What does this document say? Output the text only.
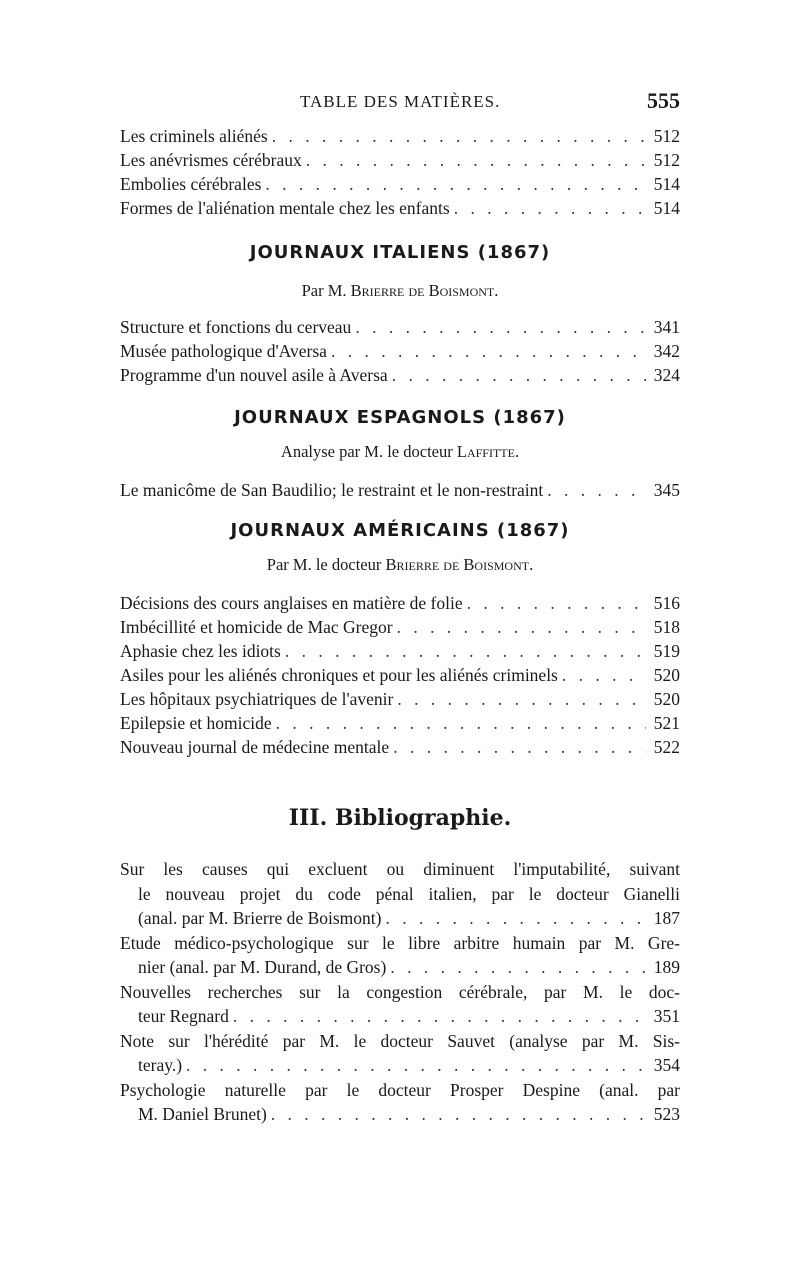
TABLE DES MATIÈRES.	555
Les criminels aliénés . . .	512
Les anévrismes cérébraux . . .	512
Embolies cérébrales . . .	514
Formes de l'aliénation mentale chez les enfants . . .	514
JOURNAUX ITALIENS (1867)
Par M. Brierre de Boismont.
Structure et fonctions du cerveau . . .	341
Musée pathologique d'Aversa . . .	342
Programme d'un nouvel asile à Aversa . . .	324
JOURNAUX ESPAGNOLS (1867)
Analyse par M. le docteur Laffitte.
Le manicôme de San Baudilio; le restraint et le non-restraint . . .	345
JOURNAUX AMÉRICAINS (1867)
Par M. le docteur Brierre de Boismont.
Décisions des cours anglaises en matière de folie . . .	516
Imbécillité et homicide de Mac Gregor . . .	518
Aphasie chez les idiots . . .	519
Asiles pour les aliénés chroniques et pour les aliénés criminels . . .	520
Les hôpitaux psychiatriques de l'avenir . . .	520
Epilepsie et homicide . . .	521
Nouveau journal de médecine mentale . . .	522
III. Bibliographie.
Sur les causes qui excluent ou diminuent l'imputabilité, suivant
le nouveau projet du code pénal italien, par le docteur Gianelli
(anal. par M. Brierre de Boismont) . . .	187
Etude médico-psychologique sur le libre arbitre humain par M. Gre-
nier (anal. par M. Durand, de Gros) . . .	189
Nouvelles recherches sur la congestion cérébrale, par M. le doc-
teur Regnard . . .	351
Note sur l'hérédité par M. le docteur Sauvet (analyse par M. Sis-
teray.) . . .	354
Psychologie naturelle par le docteur Prosper Despine (anal. par
M. Daniel Brunet) . . .	523
